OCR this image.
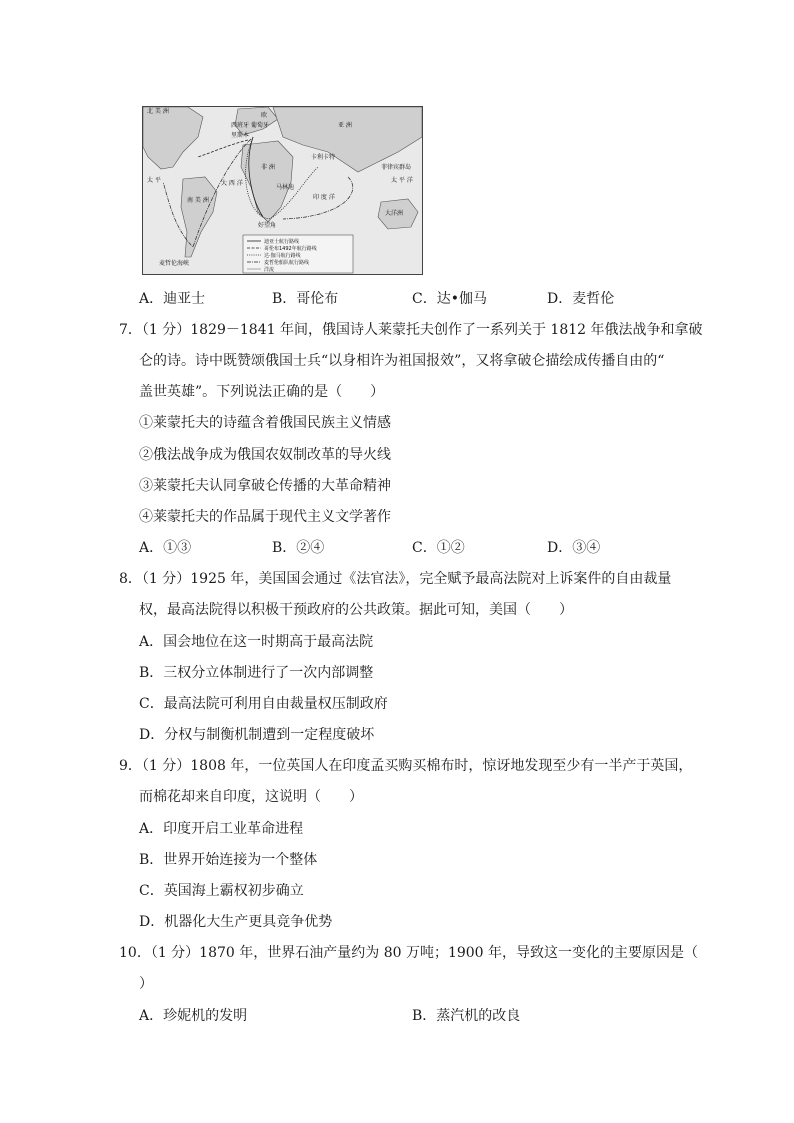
北 美 洲
西班牙 葡萄牙
里斯本
欧
亚 洲
非 洲
南 美 洲
太 平	大 西 洋	太 平 洋
印 度 洋
大洋洲
卡利卡特
菲律宾群岛
马林迪
好望角
麦哲伦海峡
迪亚士航行路线
哥伦布1492年航行路线
达·伽马航行路线
麦哲伦船队航行路线
洋流
A．迪亚士	B．哥伦布	C．达•伽马	D．麦哲伦
7．（1 分）1829－1841 年间，俄国诗人莱蒙托夫创作了一系列关于 1812 年俄法战争和拿破
仑的诗。诗中既赞颂俄国士兵“以身相许为祖国报效”，又将拿破仑描绘成传播自由的“
盖世英雄”。下列说法正确的是（　　）
①莱蒙托夫的诗蕴含着俄国民族主义情感
②俄法战争成为俄国农奴制改革的导火线
③莱蒙托夫认同拿破仑传播的大革命精神
④莱蒙托夫的作品属于现代主义文学著作
A．①③	B．②④	C．①②	D．③④
8．（1 分）1925 年，美国国会通过《法官法》，完全赋予最高法院对上诉案件的自由裁量
权，最高法院得以积极干预政府的公共政策。据此可知，美国（　　）
A．国会地位在这一时期高于最高法院
B．三权分立体制进行了一次内部调整
C．最高法院可利用自由裁量权压制政府
D．分权与制衡机制遭到一定程度破坏
9．（1 分）1808 年，一位英国人在印度孟买购买棉布时，惊讶地发现至少有一半产于英国，
而棉花却来自印度，这说明（　　）
A．印度开启工业革命进程
B．世界开始连接为一个整体
C．英国海上霸权初步确立
D．机器化大生产更具竞争优势
10．（1 分）1870 年，世界石油产量约为 80 万吨；1900 年，导致这一变化的主要原因是（
）
A．珍妮机的发明	B．蒸汽机的改良
